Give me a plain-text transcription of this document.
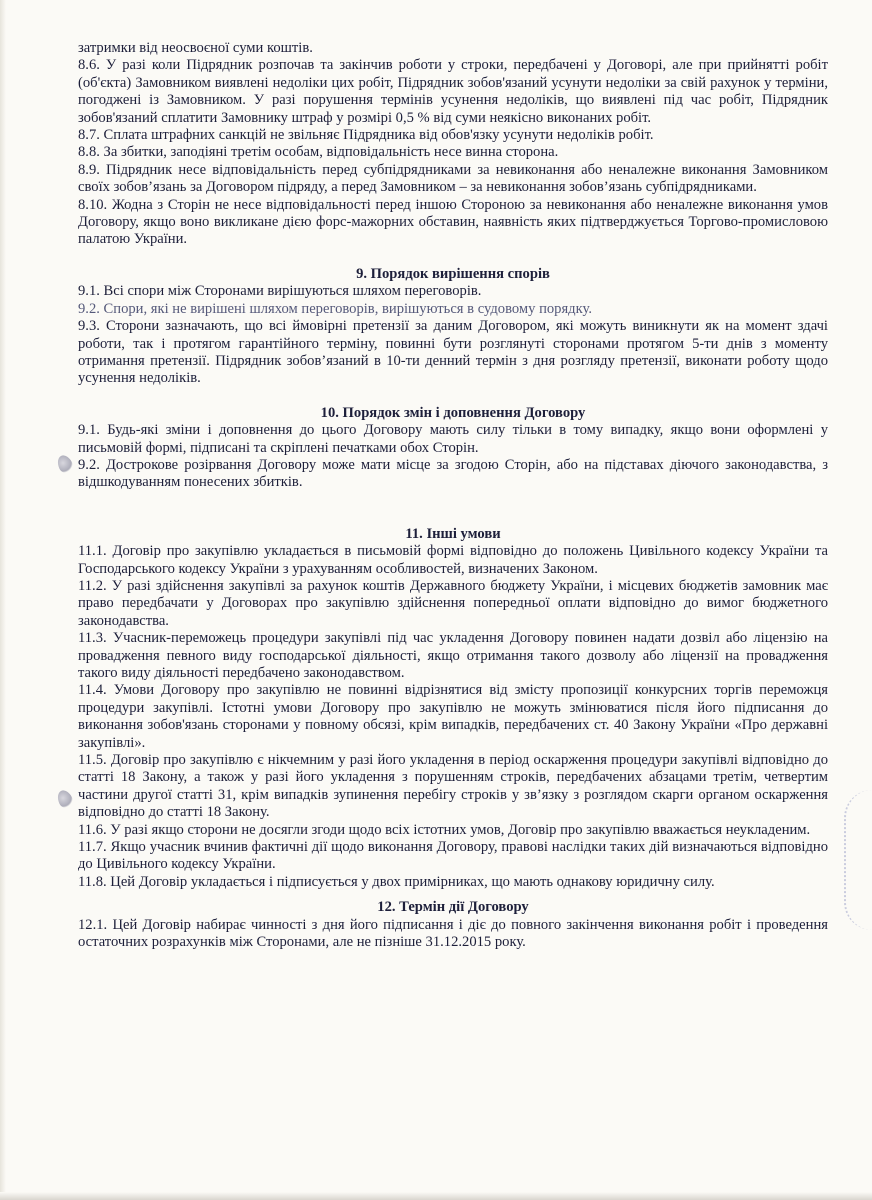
затримки від неосвоєної суми коштів.

8.6. У разі коли Підрядник розпочав та закінчив роботи у строки, передбачені у Договорі, але при прийнятті робіт (об'єкта) Замовником виявлені недоліки цих робіт, Підрядник зобов'язаний усунути недоліки за свій рахунок у терміни, погоджені із Замовником. У разі порушення термінів усунення недоліків, що виявлені під час робіт, Підрядник зобов'язаний сплатити Замовнику штраф у розмірі 0,5 % від суми неякісно виконаних робіт.

8.7. Сплата штрафних санкцій не звільняє Підрядника від обов'язку усунути недоліків робіт.

8.8. За збитки, заподіяні третім особам, відповідальність несе винна сторона.

8.9. Підрядник несе відповідальність перед субпідрядниками за невиконання або неналежне виконання Замовником своїх зобов’язань за Договором підряду, а перед Замовником – за невиконання зобов’язань субпідрядниками.

8.10. Жодна з Сторін не несе відповідальності перед іншою Стороною за невиконання або неналежне виконання умов Договору, якщо воно викликане дією форс-мажорних обставин, наявність яких підтверджується Торгово-промисловою палатою України.

9. Порядок вирішення спорів

9.1. Всі спори між Сторонами вирішуються шляхом переговорів.

9.2. Спори, які не вирішені шляхом переговорів, вирішуються в судовому порядку.

9.3. Сторони зазначають, що всі ймовірні претензії за даним Договором, які можуть виникнути як на момент здачі роботи, так і протягом гарантійного терміну, повинні бути розглянуті сторонами протягом 5-ти днів з моменту отримання претензії. Підрядник зобов’язаний в 10-ти денний термін з дня розгляду претензії, виконати роботу щодо усунення недоліків.

10. Порядок змін і доповнення Договору

9.1. Будь-які зміни і доповнення до цього Договору мають силу тільки в тому випадку, якщо вони оформлені у письмовій формі, підписані та скріплені печатками обох Сторін.

9.2. Дострокове розірвання Договору може мати місце за згодою Сторін, або на підставах діючого законодавства, з відшкодуванням понесених збитків.

11. Інші умови

11.1. Договір про закупівлю укладається в письмовій формі відповідно до положень Цивільного кодексу України та Господарського кодексу України з урахуванням особливостей, визначених Законом.

11.2. У разі здійснення закупівлі за рахунок коштів Державного бюджету України, і місцевих бюджетів замовник має право передбачати у Договорах про закупівлю здійснення попередньої оплати відповідно до вимог бюджетного законодавства.

11.3. Учасник-переможець процедури закупівлі під час укладення Договору повинен надати дозвіл або ліцензію на провадження певного виду господарської діяльності, якщо отримання такого дозволу або ліцензії на провадження такого виду діяльності передбачено законодавством.

11.4. Умови Договору про закупівлю не повинні відрізнятися від змісту пропозиції конкурсних торгів переможця процедури закупівлі. Істотні умови Договору про закупівлю не можуть змінюватися після його підписання до виконання зобов'язань сторонами у повному обсязі, крім випадків, передбачених ст. 40 Закону України «Про державні закупівлі».

11.5. Договір про закупівлю є нікчемним у разі його укладення в період оскарження процедури закупівлі відповідно до статті 18 Закону, а також у разі його укладення з порушенням строків, передбачених абзацами третім, четвертим частини другої статті 31, крім випадків зупинення перебігу строків у зв’язку з розглядом скарги органом оскарження відповідно до статті 18 Закону.

11.6. У разі якщо сторони не досягли згоди щодо всіх істотних умов, Договір про закупівлю вважається неукладеним.

11.7. Якщо учасник вчинив фактичні дії щодо виконання Договору, правові наслідки таких дій визначаються відповідно до Цивільного кодексу України.

11.8. Цей Договір укладається і підписується у двох примірниках, що мають однакову юридичну силу.

12. Термін дії Договору

12.1. Цей Договір набирає чинності з дня його підписання і діє до повного закінчення виконання робіт і проведення остаточних розрахунків між Сторонами, але не пізніше 31.12.2015 року.
